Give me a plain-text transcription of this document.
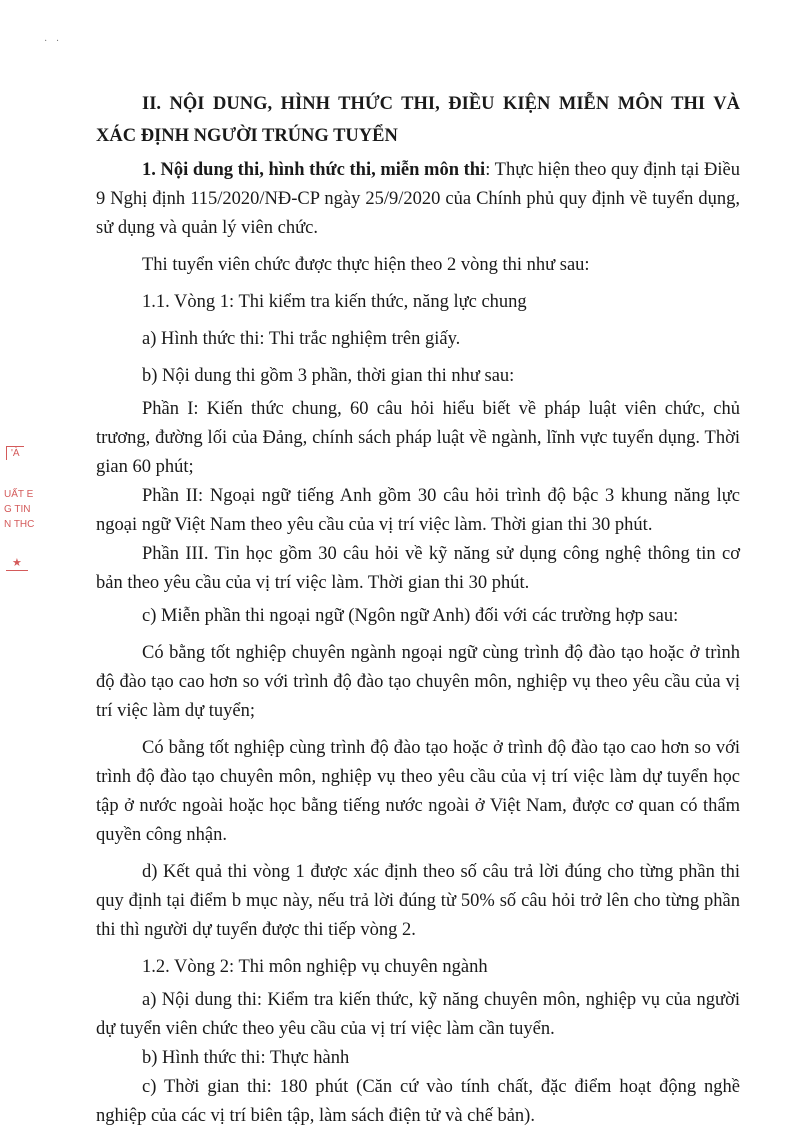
· ·
'À
UẤT E
G TIN
N THC
★

II. NỘI DUNG, HÌNH THỨC THI, ĐIỀU KIỆN MIỄN MÔN THI VÀ XÁC ĐỊNH NGƯỜI TRÚNG TUYỂN

1. Nội dung thi, hình thức thi, miễn môn thi: Thực hiện theo quy định tại Điều 9 Nghị định 115/2020/NĐ-CP ngày 25/9/2020 của Chính phủ quy định về tuyển dụng, sử dụng và quản lý viên chức.

Thi tuyển viên chức được thực hiện theo 2 vòng thi như sau:

1.1. Vòng 1: Thi kiểm tra kiến thức, năng lực chung

a) Hình thức thi: Thi trắc nghiệm trên giấy.

b) Nội dung thi gồm 3 phần, thời gian thi như sau:

Phần I: Kiến thức chung, 60 câu hỏi hiểu biết về pháp luật viên chức, chủ trương, đường lối của Đảng, chính sách pháp luật về ngành, lĩnh vực tuyển dụng. Thời gian 60 phút;

Phần II: Ngoại ngữ tiếng Anh gồm 30 câu hỏi trình độ bậc 3 khung năng lực ngoại ngữ Việt Nam theo yêu cầu của vị trí việc làm. Thời gian thi 30 phút.

Phần III. Tin học gồm 30 câu hỏi về kỹ năng sử dụng công nghệ thông tin cơ bản theo yêu cầu của vị trí việc làm. Thời gian thi 30 phút.

c) Miễn phần thi ngoại ngữ (Ngôn ngữ Anh) đối với các trường hợp sau:

Có bằng tốt nghiệp chuyên ngành ngoại ngữ cùng trình độ đào tạo hoặc ở trình độ đào tạo cao hơn so với trình độ đào tạo chuyên môn, nghiệp vụ theo yêu cầu của vị trí việc làm dự tuyển;

Có bằng tốt nghiệp cùng trình độ đào tạo hoặc ở trình độ đào tạo cao hơn so với trình độ đào tạo chuyên môn, nghiệp vụ theo yêu cầu của vị trí việc làm dự tuyển học tập ở nước ngoài hoặc học bằng tiếng nước ngoài ở Việt Nam, được cơ quan có thẩm quyền công nhận.

d) Kết quả thi vòng 1 được xác định theo số câu trả lời đúng cho từng phần thi quy định tại điểm b mục này, nếu trả lời đúng từ 50% số câu hỏi trở lên cho từng phần thi thì người dự tuyển được thi tiếp vòng 2.

1.2. Vòng 2: Thi môn nghiệp vụ chuyên ngành

a) Nội dung thi: Kiểm tra kiến thức, kỹ năng chuyên môn, nghiệp vụ của người dự tuyển viên chức theo yêu cầu của vị trí việc làm cần tuyển.

b) Hình thức thi: Thực hành

c) Thời gian thi: 180 phút (Căn cứ vào tính chất, đặc điểm hoạt động nghề nghiệp của các vị trí biên tập, làm sách điện tử và chế bản).
